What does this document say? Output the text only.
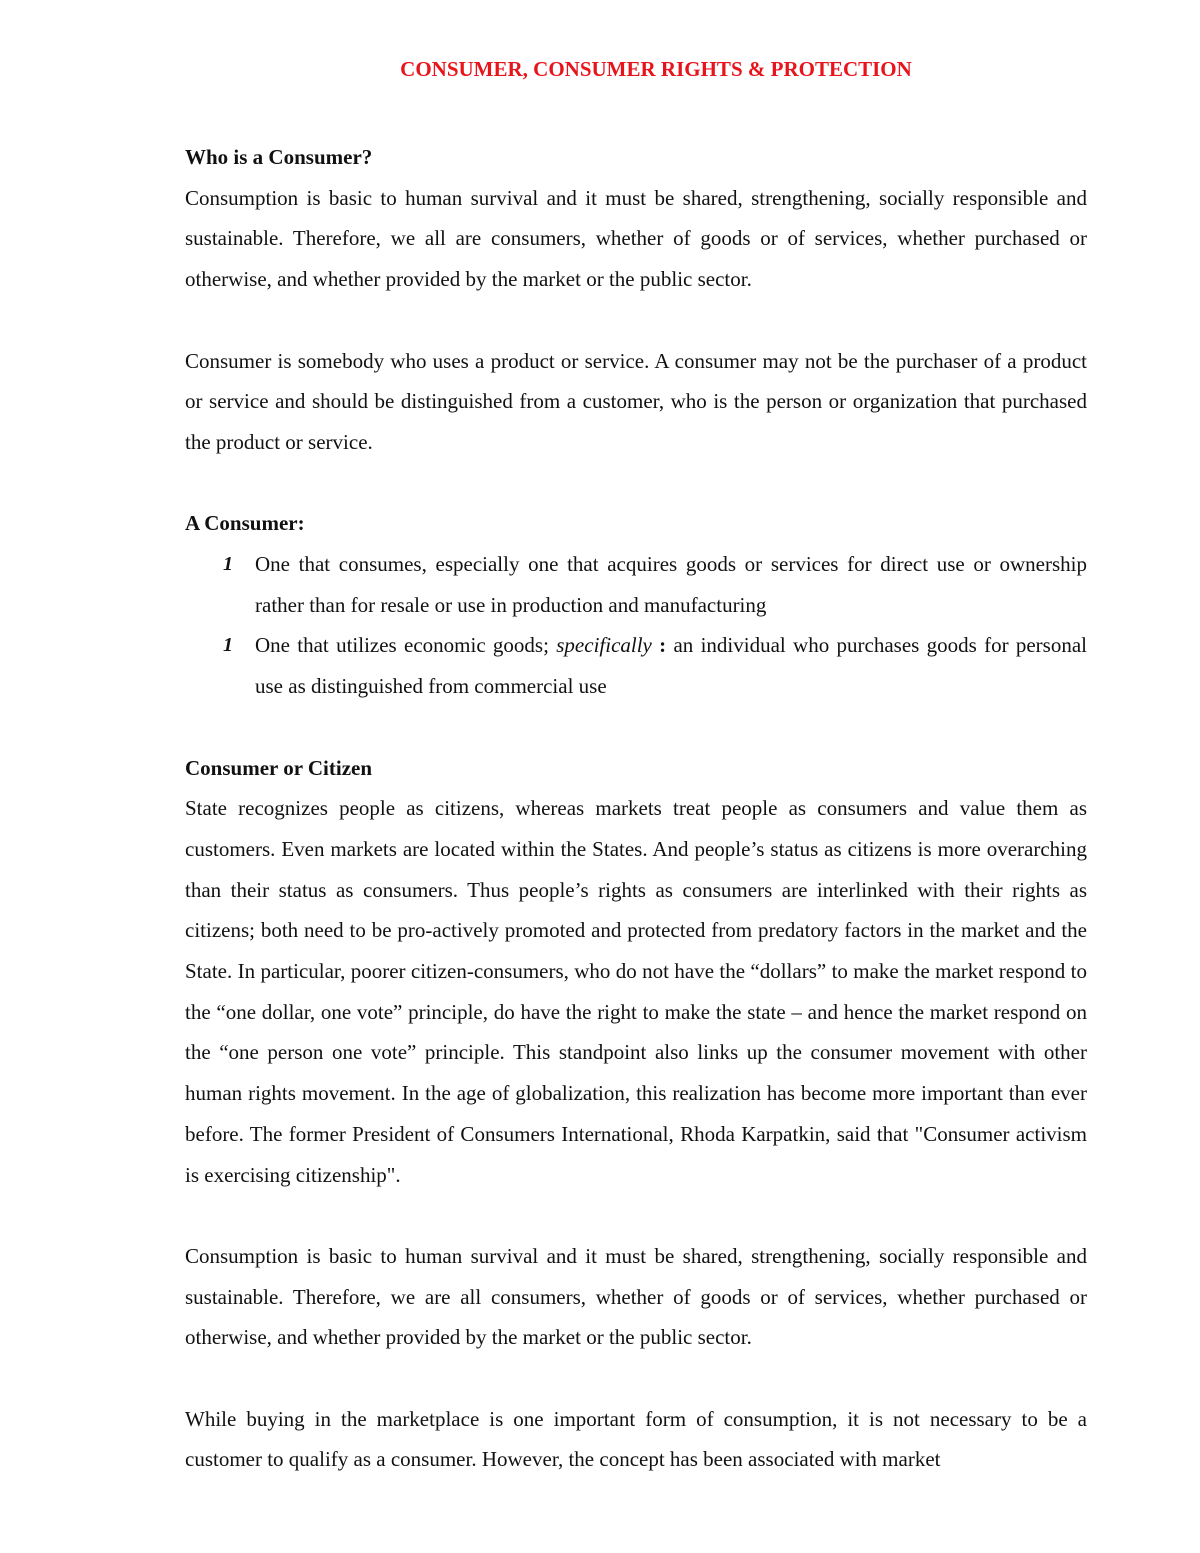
CONSUMER, CONSUMER RIGHTS & PROTECTION
Who is a Consumer?

Consumption is basic to human survival and it must be shared, strengthening, socially responsible and sustainable. Therefore, we all are consumers, whether of goods or of services, whether purchased or otherwise, and whether provided by the market or the public sector.

Consumer is somebody who uses a product or service. A consumer may not be the purchaser of a product or service and should be distinguished from a customer, who is the person or organization that purchased the product or service.

A Consumer:
1 One that consumes, especially one that acquires goods or services for direct use or ownership rather than for resale or use in production and manufacturing
1 One that utilizes economic goods; specifically : an individual who purchases goods for personal use as distinguished from commercial use
Consumer or Citizen

State recognizes people as citizens, whereas markets treat people as consumers and value them as customers. Even markets are located within the States. And people’s status as citizens is more overarching than their status as consumers. Thus people’s rights as consumers are interlinked with their rights as citizens; both need to be pro-actively promoted and protected from predatory factors in the market and the State. In particular, poorer citizen-consumers, who do not have the “dollars” to make the market respond to the “one dollar, one vote” principle, do have the right to make the state – and hence the market respond on the “one person one vote” principle. This standpoint also links up the consumer movement with other human rights movement. In the age of globalization, this realization has become more important than ever before. The former President of Consumers International, Rhoda Karpatkin, said that "Consumer activism is exercising citizenship".

Consumption is basic to human survival and it must be shared, strengthening, socially responsible and sustainable. Therefore, we are all consumers, whether of goods or of services, whether purchased or otherwise, and whether provided by the market or the public sector.

While buying in the marketplace is one important form of consumption, it is not necessary to be a customer to qualify as a consumer. However, the concept has been associated with market
